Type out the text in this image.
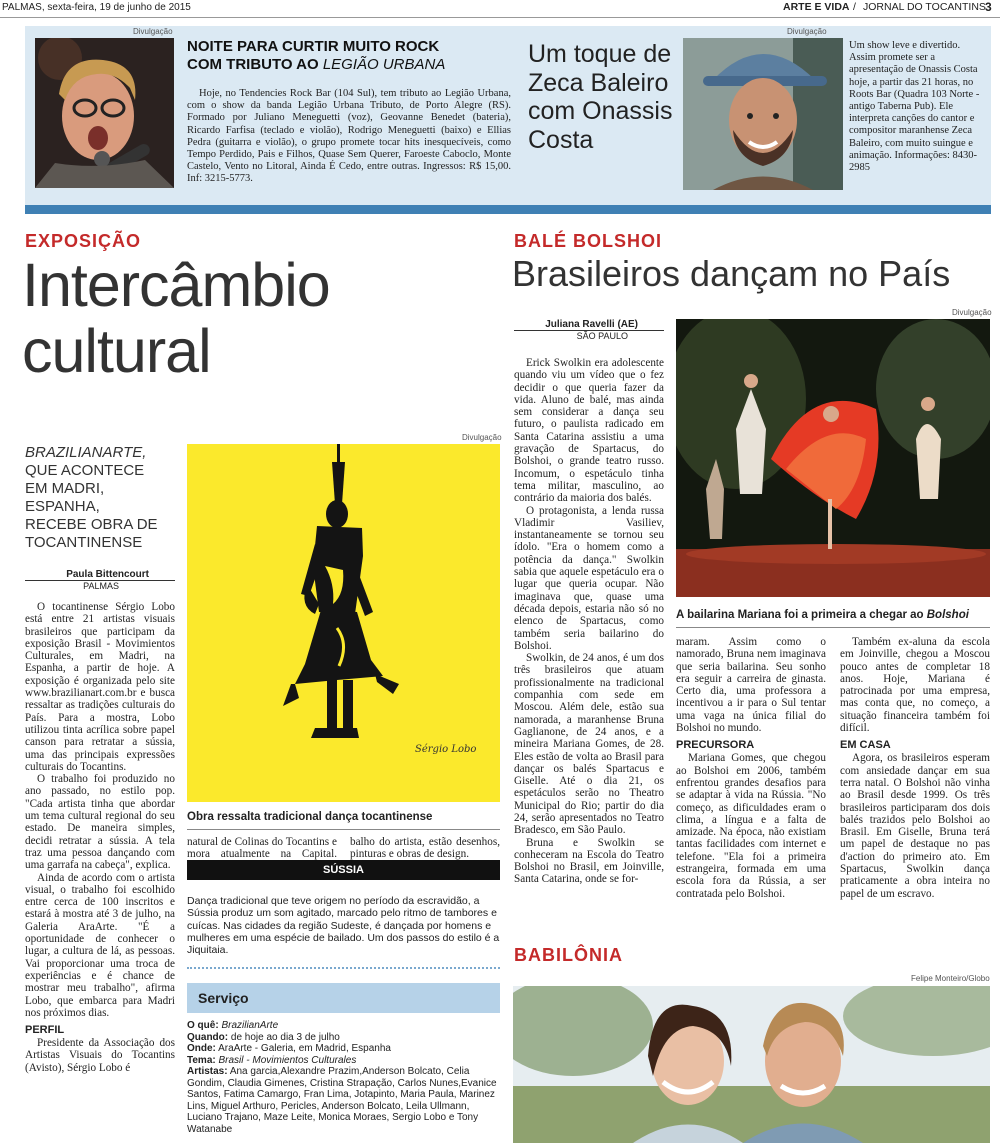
PALMAS, sexta-feira, 19 de junho de 2015	ARTE E VIDA / JORNAL DO TOCANTINS 3
Divulgação
NOITE PARA CURTIR MUITO ROCK
COM TRIBUTO AO LEGIÃO URBANA

Hoje, no Tendencies Rock Bar (104 Sul), tem tributo ao Legião Urbana, com o show da banda Legião Urbana Tributo, de Porto Alegre (RS). Formado por Juliano Meneguetti (voz), Geovanne Benedet (bateria), Ricardo Farfisa (teclado e violão), Rodrigo Meneguetti (baixo) e Ellias Pedra (guitarra e violão), o grupo promete tocar hits inesquecíveis, como Tempo Perdido, Pais e Filhos, Quase Sem Querer, Faroeste Caboclo, Monte Castelo, Vento no Litoral, Ainda É Cedo, entre outras. Ingressos: R$ 15,00. Inf: 3215-5773.

Divulgação
Um toque de
Zeca Baleiro
com Onassis
Costa

Um show leve e divertido. Assim promete ser a apresentação de Onassis Costa hoje, a partir das 21 horas, no Roots Bar (Quadra 103 Norte - antigo Taberna Pub). Ele interpreta canções do cantor e compositor maranhense Zeca Baleiro, com muito suingue e animação. Informações: 8430-2985

EXPOSIÇÃO
Intercâmbio
cultural
BRAZILIANARTE,
QUE ACONTECE
EM MADRI,
ESPANHA,
RECEBE OBRA DE
TOCANTINENSE
Paula Bittencourt
PALMAS

O tocantinense Sérgio Lobo está entre 21 artistas visuais brasileiros que participam da exposição Brasil - Movimientos Culturales, em Madri, na Espanha, a partir de hoje. A exposição é organizada pelo site www.brazilianart.com.br e busca ressaltar as tradições culturais do País. Para a mostra, Lobo utilizou tinta acrílica sobre papel canson para retratar a sússia, uma das principais expressões culturais do Tocantins.

O trabalho foi produzido no ano passado, no estilo pop. "Cada artista tinha que abordar um tema cultural regional do seu estado. De maneira simples, decidi retratar a sússia. A tela traz uma pessoa dançando com uma garrafa na cabeça", explica.

Ainda de acordo com o artista visual, o trabalho foi escolhido entre cerca de 100 inscritos e estará à mostra até 3 de julho, na Galeria AraArte. "É a oportunidade de conhecer o lugar, a cultura de lá, as pessoas. Vai proporcionar uma troca de experiências e é chance de mostrar meu trabalho", afirma Lobo, que embarca para Madri nos próximos dias.

PERFIL

Presidente da Associação dos Artistas Visuais do Tocantins (Avisto), Sérgio Lobo é

Divulgação
Sérgio Lobo
Obra ressalta tradicional dança tocantinense

natural de Colinas do Tocantins e mora atualmente na Capital.

balho do artista, estão desenhos, pinturas e obras de design.

SÚSSIA

Dança tradicional que teve origem no período da escravidão, a Sússia produz um som agitado, marcado pelo ritmo de tambores e cuícas. Nas cidades da região Sudeste, é dançada por homens e mulheres em uma espécie de bailado. Um dos passos do estilo é a Jiquitaia.

Serviço
O quê: BrazilianArte
Quando: de hoje ao dia 3 de julho
Onde: AraArte - Galeria, em Madrid, Espanha
Tema: Brasil - Movimientos Culturales
Artistas: Ana garcia,Alexandre Prazim,Anderson Bolcato, Celia Gondim, Claudia Gimenes, Cristina Strapação, Carlos Nunes,Evanice Santos, Fatima Camargo, Fran Lima, Jotapinto, Maria Paula, Marinez Lins, Miguel Arthuro, Pericles, Anderson Bolcato, Leila Ullmann, Luciano Trajano, Maze Leite, Monica Moraes, Sergio Lobo e Tony Watanabe
BALÉ BOLSHOI
Brasileiros dançam no País
Juliana Ravelli (AE)
SÃO PAULO

Erick Swolkin era adolescente quando viu um vídeo que o fez decidir o que queria fazer da vida. Aluno de balé, mas ainda sem considerar a dança seu futuro, o paulista radicado em Santa Catarina assistiu a uma gravação de Spartacus, do Bolshoi, o grande teatro russo. Incomum, o espetáculo tinha tema militar, masculino, ao contrário da maioria dos balés.

O protagonista, a lenda russa Vladimir Vasiliev, instantaneamente se tornou seu ídolo. "Era o homem como a potência da dança." Swolkin sabia que aquele espetáculo era o lugar que queria ocupar. Não imaginava que, quase uma década depois, estaria não só no elenco de Spartacus, como também seria bailarino do Bolshoi.

Swolkin, de 24 anos, é um dos três brasileiros que atuam profissionalmente na tradicional companhia com sede em Moscou. Além dele, estão sua namorada, a maranhense Bruna Gaglianone, de 24 anos, e a mineira Mariana Gomes, de 28. Eles estão de volta ao Brasil para dançar os balés Spartacus e Giselle. Até o dia 21, os espetáculos serão no Theatro Municipal do Rio; partir do dia 24, serão apresentados no Teatro Bradesco, em São Paulo.

Bruna e Swolkin se conheceram na Escola do Teatro Bolshoi no Brasil, em Joinville, Santa Catarina, onde se for-

Divulgação
A bailarina Mariana foi a primeira a chegar ao Bolshoi

maram. Assim como o namorado, Bruna nem imaginava que seria bailarina. Seu sonho era seguir a carreira de ginasta. Certo dia, uma professora a incentivou a ir para o Sul tentar uma vaga na única filial do Bolshoi no mundo.

PRECURSORA

Mariana Gomes, que chegou ao Bolshoi em 2006, também enfrentou grandes desafios para se adaptar à vida na Rússia. "No começo, as dificuldades eram o clima, a língua e a falta de amizade. Na época, não existiam tantas facilidades com internet e telefone. "Ela foi a primeira estrangeira, formada em uma escola fora da Rússia, a ser contratada pelo Bolshoi.

Também ex-aluna da escola em Joinville, chegou a Moscou pouco antes de completar 18 anos. Hoje, Mariana é patrocinada por uma empresa, mas conta que, no começo, a situação financeira também foi difícil.

EM CASA

Agora, os brasileiros esperam com ansiedade dançar em sua terra natal. O Bolshoi não vinha ao Brasil desde 1999. Os três brasileiros participaram dos dois balés trazidos pelo Bolshoi ao Brasil. Em Giselle, Bruna terá um papel de destaque no pas d'action do primeiro ato. Em Spartacus, Swolkin dança praticamente a obra inteira no papel de um escravo.

BABILÔNIA
Felipe Monteiro/Globo
